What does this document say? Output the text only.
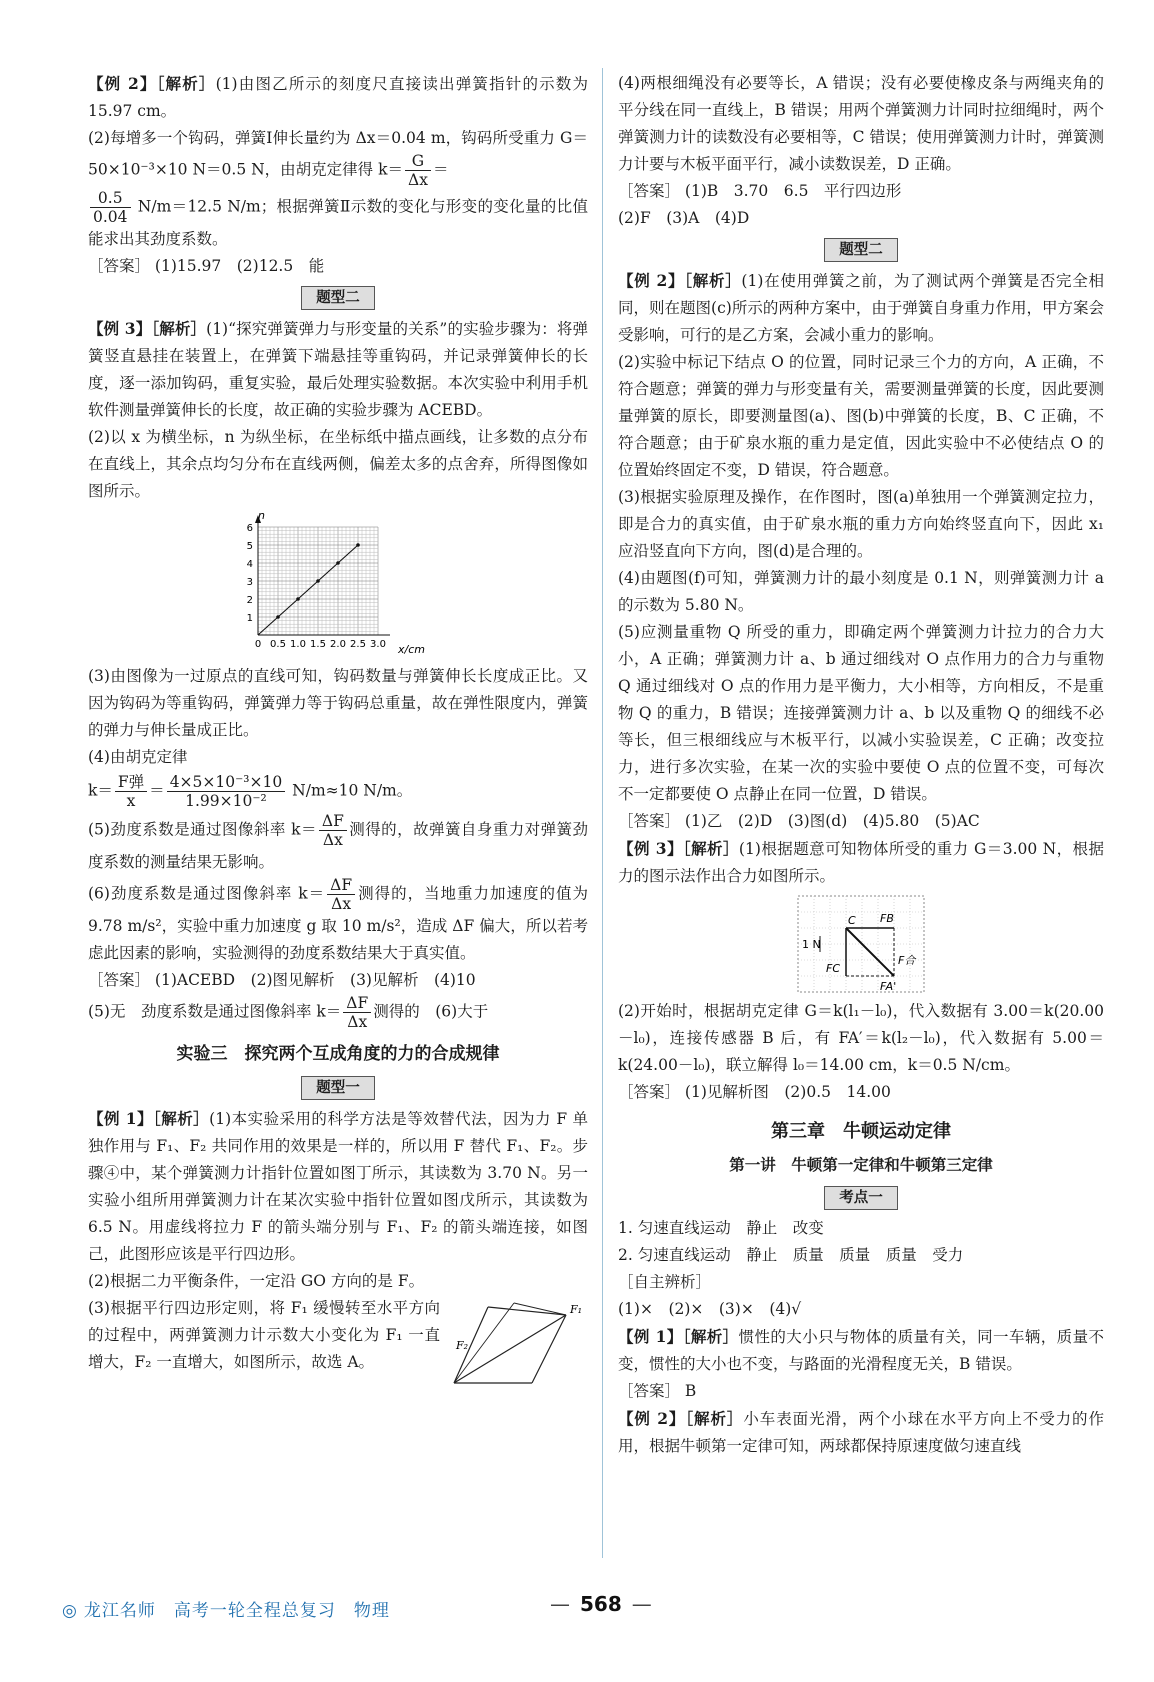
【例 2】［解析］(1)由图乙所示的刻度尺直接读出弹簧指针的示数为 15.97 cm。

(2)每增多一个钩码，弹簧Ⅰ伸长量约为 Δx＝0.04 m，钩码所受重力 G＝50×10⁻³×10 N＝0.5 N，由胡克定律得 $k= \frac{G}{\Delta x}$ ＝

$\frac{0.5}{0.04} N/m=12.5$ N/m；根据弹簧Ⅱ示数的变化与形变的变化量的比值能求出其劲度系数。

［答案］ (1)15.97　(2)12.5　能

题型二

【例 3】［解析］(1)“探究弹簧弹力与形变量的关系”的实验步骤为：将弹簧竖直悬挂在装置上，在弹簧下端悬挂等重钩码，并记录弹簧伸长的长度，逐一添加钩码，重复实验，最后处理实验数据。本次实验中利用手机软件测量弹簧伸长的长度，故正确的实验步骤为 ACEBD。

(2)以 x 为横坐标，n 为纵坐标，在坐标纸中描点画线，让多数的点分布在直线上，其余点均匀分布在直线两侧，偏差太多的点舍弃，所得图像如图所示。

0 0.5 1.0 1.5 2.0 2.5 3.0
1
2
3
4
5
6
n
x/cm

(3)由图像为一过原点的直线可知，钩码数量与弹簧伸长长度成正比。又因为钩码为等重钩码，弹簧弹力等于钩码总重量，故在弹性限度内，弹簧的弹力与伸长量成正比。

(4)由胡克定律

$k= \frac{\text{F弹}}{x} = \frac{\text{4×5×10⁻³×10}}{\text{1.99×10⁻²}} N/m\approx 10$ N/m。

(5)劲度系数是通过图像斜率 $k= \frac{\Delta F}{\Delta x}$ 测得的，故弹簧自身重力对弹簧劲度系数的测量结果无影响。

(6)劲度系数是通过图像斜率 $k= \frac{\Delta F}{\Delta x}$ 测得的，当地重力加速度的值为 9.78 m/s²，实验中重力加速度 g 取 10 m/s²，造成 ΔF 偏大，所以若考虑此因素的影响，实验测得的劲度系数结果大于真实值。

［答案］ (1)ACEBD　(2)图见解析　(3)见解析　(4)10

(5)无　劲度系数是通过图像斜率 $k= \frac{\Delta F}{\Delta x}$ 测得的　(6)大于

实验三　探究两个互成角度的力的合成规律
题型一

【例 1】［解析］(1)本实验采用的科学方法是等效替代法，因为力 F 单独作用与 F₁、F₂ 共同作用的效果是一样的，所以用 F 替代 F₁、F₂。步骤④中，某个弹簧测力计指针位置如图丁所示，其读数为 3.70 N。另一实验小组所用弹簧测力计在某次实验中指针位置如图戊所示，其读数为 6.5 N。用虚线将拉力 F 的箭头端分别与 F₁、F₂ 的箭头端连接，如图己，此图形应该是平行四边形。

(2)根据二力平衡条件，一定沿 GO 方向的是 F。

(3)根据平行四边形定则，将 F₁ 缓慢转至水平方向的过程中，两弹簧测力计示数大小变化为 F₁ 一直增大，F₂ 一直增大，如图所示，故选 A。

F₁
F₂

(4)两根细绳没有必要等长，A 错误；没有必要使橡皮条与两绳夹角的平分线在同一直线上，B 错误；用两个弹簧测力计同时拉细绳时，两个弹簧测力计的读数没有必要相等，C 错误；使用弹簧测力计时，弹簧测力计要与木板平面平行，减小读数误差，D 正确。

［答案］ (1)B　3.70　6.5　平行四边形

(2)F　(3)A　(4)D

题型二

【例 2】［解析］(1)在使用弹簧之前，为了测试两个弹簧是否完全相同，则在题图(c)所示的两种方案中，由于弹簧自身重力作用，甲方案会受影响，可行的是乙方案，会减小重力的影响。

(2)实验中标记下结点 O 的位置，同时记录三个力的方向，A 正确，不符合题意；弹簧的弹力与形变量有关，需要测量弹簧的长度，因此要测量弹簧的原长，即要测量图(a)、图(b)中弹簧的长度，B、C 正确，不符合题意；由于矿泉水瓶的重力是定值，因此实验中不必使结点 O 的位置始终固定不变，D 错误，符合题意。

(3)根据实验原理及操作，在作图时，图(a)单独用一个弹簧测定拉力，即是合力的真实值，由于矿泉水瓶的重力方向始终竖直向下，因此 x₁ 应沿竖直向下方向，图(d)是合理的。

(4)由题图(f)可知，弹簧测力计的最小刻度是 0.1 N，则弹簧测力计 a 的示数为 5.80 N。

(5)应测量重物 Q 所受的重力，即确定两个弹簧测力计拉力的合力大小，A 正确；弹簧测力计 a、b 通过细线对 O 点作用力的合力与重物 Q 通过细线对 O 点的作用力是平衡力，大小相等，方向相反，不是重物 Q 的重力，B 错误；连接弹簧测力计 a、b 以及重物 Q 的细线不必等长，但三根细线应与木板平行，以减小实验误差，C 正确；改变拉力，进行多次实验，在某一次的实验中要使 O 点的位置不变，可每次不一定都要使 O 点静止在同一位置，D 错误。

［答案］ (1)乙　(2)D　(3)图(d)　(4)5.80　(5)AC

【例 3】［解析］(1)根据题意可知物体所受的重力 G＝3.00 N，根据力的图示法作出合力如图所示。

1 N
C FB
FC
F合
FA'

(2)开始时，根据胡克定律 G＝k(l₁－l₀)，代入数据有 3.00＝k(20.00－l₀)，连接传感器 B 后，有 FA′＝k(l₂－l₀)，代入数据有 5.00＝k(24.00－l₀)，联立解得 l₀＝14.00 cm，k＝0.5 N/cm。

［答案］ (1)见解析图　(2)0.5　14.00

第三章　牛顿运动定律
第一讲　牛顿第一定律和牛顿第三定律
考点一

1. 匀速直线运动　静止　改变

2. 匀速直线运动　静止　质量　质量　质量　受力

［自主辨析］

(1)×　(2)×　(3)×　(4)√

【例 1】［解析］惯性的大小只与物体的质量有关，同一车辆，质量不变，惯性的大小也不变，与路面的光滑程度无关，B 错误。

［答案］ B

【例 2】［解析］小车表面光滑，两个小球在水平方向上不受力的作用，根据牛顿第一定律可知，两球都保持原速度做匀速直线

◎ 龙江名师　高考一轮全程总复习　物理	— 568 —
